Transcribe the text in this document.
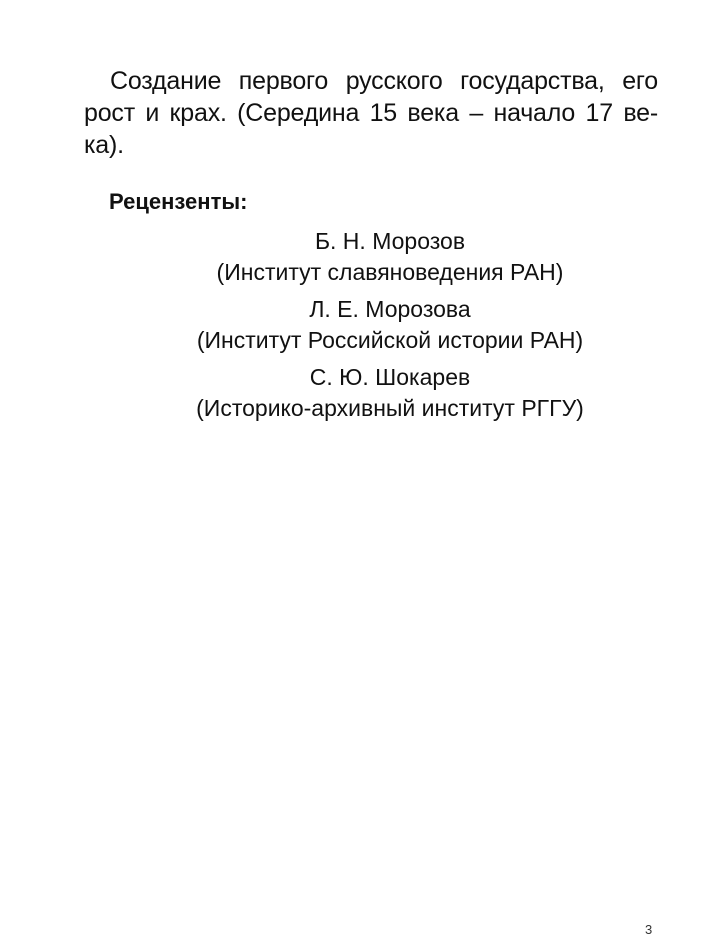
Создание первого русского государства, его
рост и крах. (Середина 15 века – начало 17 ве-
ка).
Рецензенты:
Б. Н. Морозов
(Институт славяноведения РАН)
Л. Е. Морозова
(Институт Российской истории РАН)
С. Ю. Шокарев
(Историко-архивный институт РГГУ)
3
